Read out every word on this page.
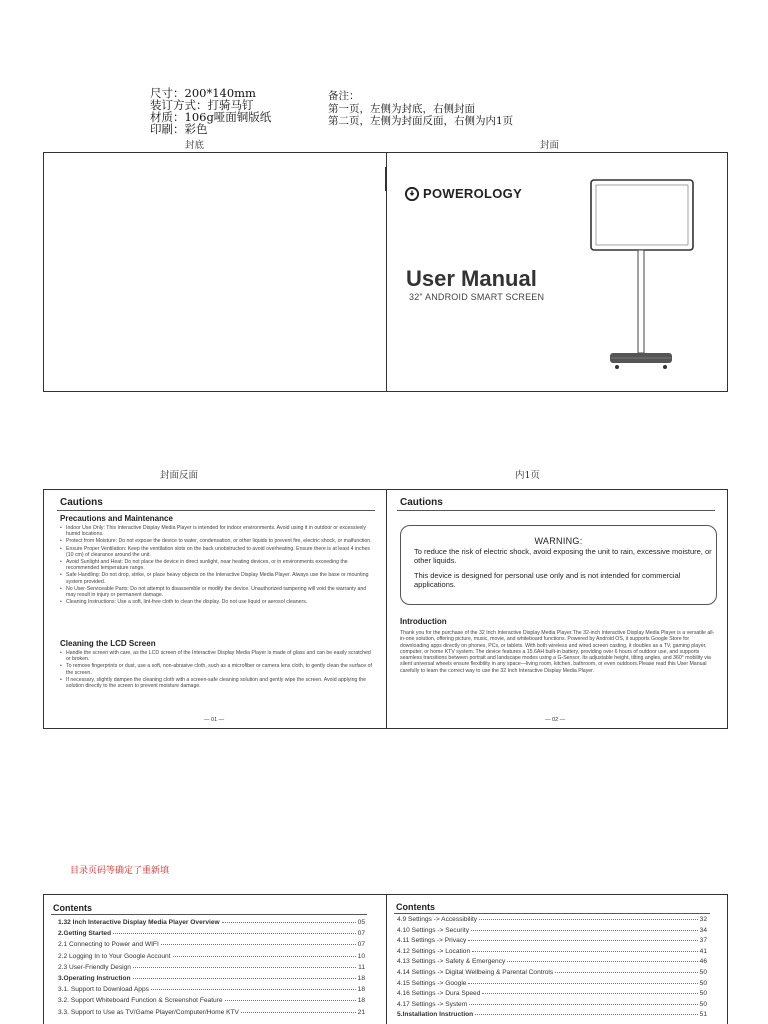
尺寸：200*140mm
装订方式：打骑马钉
材质：106g哑面铜版纸
印刷：彩色
备注：
第一页，左侧为封底，右侧封面
第二页，左侧为封面反面，右侧为内1页
封底	封面
POWEROLOGY
User Manual
32" ANDROID SMART SCREEN
封面反面	内1页
Cautions
Precautions and Maintenance
• Indoor Use Only: This Interactive Display Media Player is intended for indoor environments. Avoid using it in outdoor or excessively humid locations.
• Protect from Moisture: Do not expose the device to water, condensation, or other liquids to prevent fire, electric shock, or malfunction.
• Ensure Proper Ventilation: Keep the ventilation slots on the back unobstructed to avoid overheating. Ensure there is at least 4 inches (10 cm) of clearance around the unit.
• Avoid Sunlight and Heat: Do not place the device in direct sunlight, near heating devices, or in environments exceeding the recommended temperature range.
• Safe Handling: Do not drop, strike, or place heavy objects on the Interactive Display Media Player. Always use the base or mounting system provided.
• No User-Serviceable Parts: Do not attempt to disassemble or modify the device. Unauthorized tampering will void the warranty and may result in injury or permanent damage.
• Cleaning Instructions: Use a soft, lint-free cloth to clean the display. Do not use liquid or aerosol cleaners.
Cleaning the LCD Screen
• Handle the screen with care, as the LCD screen of the Interactive Display Media Player is made of glass and can be easily scratched or broken.
• To remove fingerprints or dust, use a soft, non-abrasive cloth, such as a microfiber or camera lens cloth, to gently clean the surface of the screen.
• If necessary, slightly dampen the cleaning cloth with a screen-safe cleaning solution and gently wipe the screen. Avoid applying the solution directly to the screen to prevent moisture damage.
— 01 —
Cautions
WARNING:
To reduce the risk of electric shock, avoid exposing the unit to rain, excessive moisture, or other liquids.
This device is designed for personal use only and is not intended for commercial applications.
Introduction
Thank you for the purchase of the 32 Inch Interactive Display Media Player.The 32-inch Interactive Display Media Player is a versatile all-in-one solution, offering picture, music, movie, and whiteboard functions. Powered by Android OS, it supports Google Store for downloading apps directly on phones, PCs, or tablets. With both wireless and wired screen casting, it doubles as a TV, gaming player, computer, or home KTV system. The device features a 15.6AH built-in battery, providing over 6 hours of outdoor use, and supports seamless transitions between portrait and landscape modes using a G-Sensor. Its adjustable height, tilting angles, and 360° mobility via silent universal wheels ensure flexibility in any space—living room, kitchen, bathroom, or even outdoors.Please read this User Manual carefully to learn the correct way to use the 32 Inch Interactive Display Media Player.
— 02 —
目录页码等确定了重新填
Contents
1.32 Inch Interactive Display Media Player Overview	05
2.Getting Started	07
2.1 Connecting to Power and WIFI	07
2.2 Logging In to Your Google Account	10
2.3 User-Friendly Design	11
3.Operating Instruction	18
3.1. Support to Download Apps	18
3.2. Support Whiteboard Function & Screenshot Feature	18
3.3. Support to Use as TV/Game Player/Computer/Home KTV	21
Contents
4.9 Settings -> Accessibility	32
4.10 Settings -> Security	34
4.11 Settings -> Privacy	37
4.12 Settings -> Location	41
4.13 Settings -> Safety & Emergency	46
4.14 Settings -> Digital Wellbeing & Parental Controls	50
4.15 Settings -> Google	50
4.16 Settings -> Dura Speed	50
4.17 Settings -> System	50
5.Installation Instruction	51
